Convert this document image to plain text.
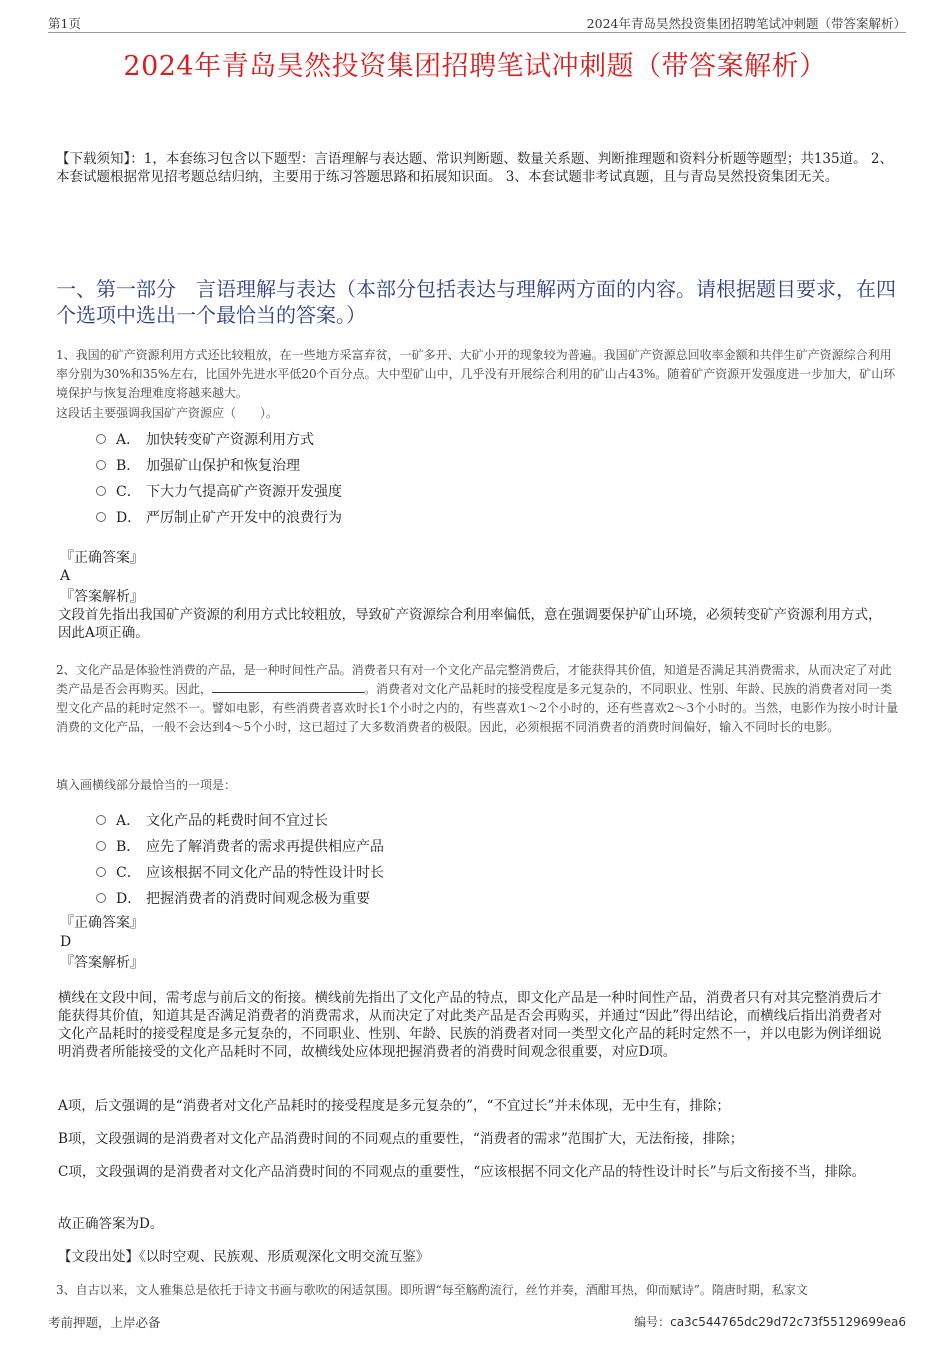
第1页	2024年青岛昊然投资集团招聘笔试冲刺题（带答案解析）
2024年青岛昊然投资集团招聘笔试冲刺题（带答案解析）
【下载须知】：1，本套练习包含以下题型：言语理解与表达题、常识判断题、数量关系题、判断推理题和资料分析题等题型；共135道。 2、本套试题根据常见招考题总结归纳，主要用于练习答题思路和拓展知识面。 3、本套试题非考试真题，且与青岛昊然投资集团无关。
一、第一部分　言语理解与表达（本部分包括表达与理解两方面的内容。请根据题目要求，在四个选项中选出一个最恰当的答案。）
1、我国的矿产资源利用方式还比较粗放，在一些地方采富弃贫，一矿多开、大矿小开的现象较为普遍。我国矿产资源总回收率金额和共伴生矿产资源综合利用率分别为30%和35%左右，比国外先进水平低20个百分点。大中型矿山中，几乎没有开展综合利用的矿山占43%。随着矿产资源开发强度进一步加大，矿山环境保护与恢复治理难度将越来越大。
这段话主要强调我国矿产资源应（　　）。
A． 加快转变矿产资源利用方式
B． 加强矿山保护和恢复治理
C． 下大力气提高矿产资源开发强度
D． 严厉制止矿产开发中的浪费行为
『正确答案』
A
『答案解析』
文段首先指出我国矿产资源的利用方式比较粗放，导致矿产资源综合利用率偏低，意在强调要保护矿山环境，必须转变矿产资源利用方式，因此A项正确。
2、文化产品是体验性消费的产品，是一种时间性产品。消费者只有对一个文化产品完整消费后，才能获得其价值，知道是否满足其消费需求，从而决定了对此类产品是否会再购买。因此，	。消费者对文化产品耗时的接受程度是多元复杂的，不同职业、性别、年龄、民族的消费者对同一类型文化产品的耗时定然不一。譬如电影，有些消费者喜欢时长1个小时之内的，有些喜欢1～2个小时的，还有些喜欢2～3个小时的。当然，电影作为按小时计量消费的文化产品，一般不会达到4～5个小时，这已超过了大多数消费者的极限。因此，必须根据不同消费者的消费时间偏好，输入不同时长的电影。
填入画横线部分最恰当的一项是：
A． 文化产品的耗费时间不宜过长
B． 应先了解消费者的需求再提供相应产品
C． 应该根据不同文化产品的特性设计时长
D． 把握消费者的消费时间观念极为重要
『正确答案』
D
『答案解析』
横线在文段中间，需考虑与前后文的衔接。横线前先指出了文化产品的特点，即文化产品是一种时间性产品，消费者只有对其完整消费后才能获得其价值，知道其是否满足消费者的消费需求，从而决定了对此类产品是否会再购买，并通过“因此”得出结论，而横线后指出消费者对文化产品耗时的接受程度是多元复杂的，不同职业、性别、年龄、民族的消费者对同一类型文化产品的耗时定然不一，并以电影为例详细说明消费者所能接受的文化产品耗时不同，故横线处应体现把握消费者的消费时间观念很重要，对应D项。
A项，后文强调的是“消费者对文化产品耗时的接受程度是多元复杂的”，“不宜过长”并未体现，无中生有，排除；
B项，文段强调的是消费者对文化产品消费时间的不同观点的重要性，“消费者的需求”范围扩大，无法衔接，排除；
C项，文段强调的是消费者对文化产品消费时间的不同观点的重要性，“应该根据不同文化产品的特性设计时长”与后文衔接不当，排除。
故正确答案为D。
【文段出处】《以时空观、民族观、形质观深化文明交流互鉴》
3、自古以来，文人雅集总是依托于诗文书画与歌吹的闲适氛围。即所谓“每至觞酌流行，丝竹并奏，酒酣耳热，仰而赋诗”。隋唐时期，私家文
考前押题，上岸必备	编号：ca3c544765dc29d72c73f55129699ea6
